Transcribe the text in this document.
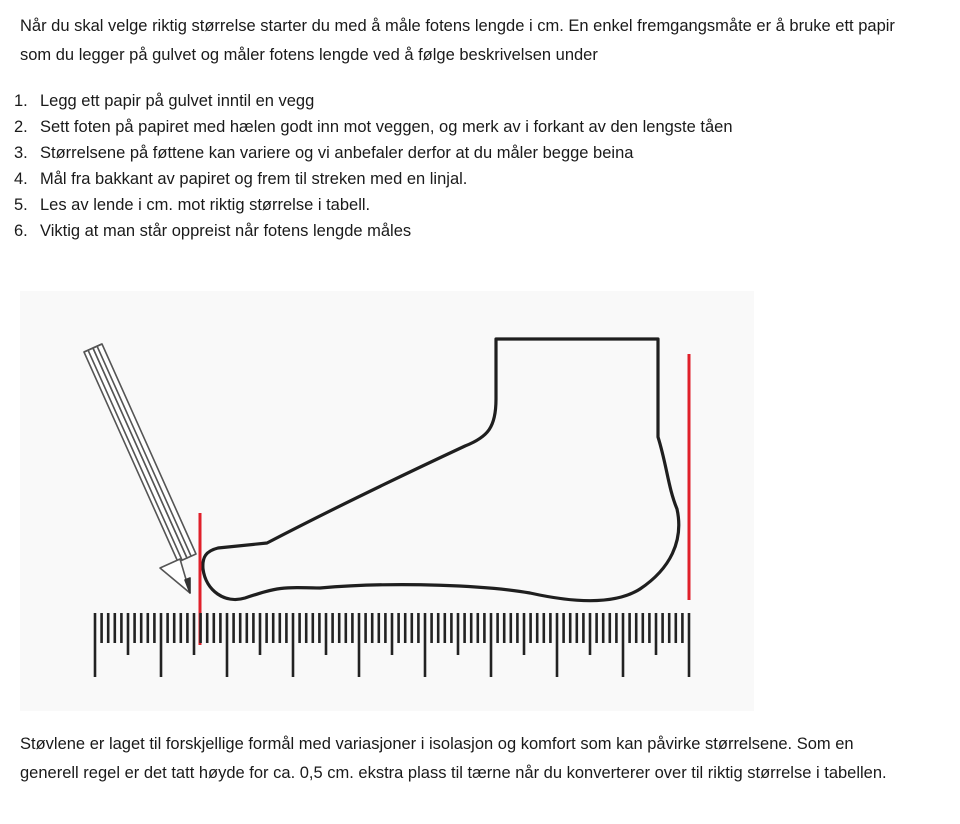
Når du skal velge riktig størrelse starter du med å måle fotens lengde i cm. En enkel fremgangsmåte er å bruke ett papir som du legger på gulvet og måler fotens lengde ved å følge beskrivelsen under

1. Legg ett papir på gulvet inntil en vegg
2. Sett foten på papiret med hælen godt inn mot veggen, og merk av i forkant av den lengste tåen
3. Størrelsene på føttene kan variere og vi anbefaler derfor at du måler begge beina
4. Mål fra bakkant av papiret og frem til streken med en linjal.
5. Les av lende i cm. mot riktig størrelse i tabell.
6. Viktig at man står oppreist når fotens lengde måles

Støvlene er laget til forskjellige formål med variasjoner i isolasjon og komfort som kan påvirke størrelsene. Som en generell regel er det tatt høyde for ca. 0,5 cm. ekstra plass til tærne når du konverterer over til riktig størrelse i tabellen.
